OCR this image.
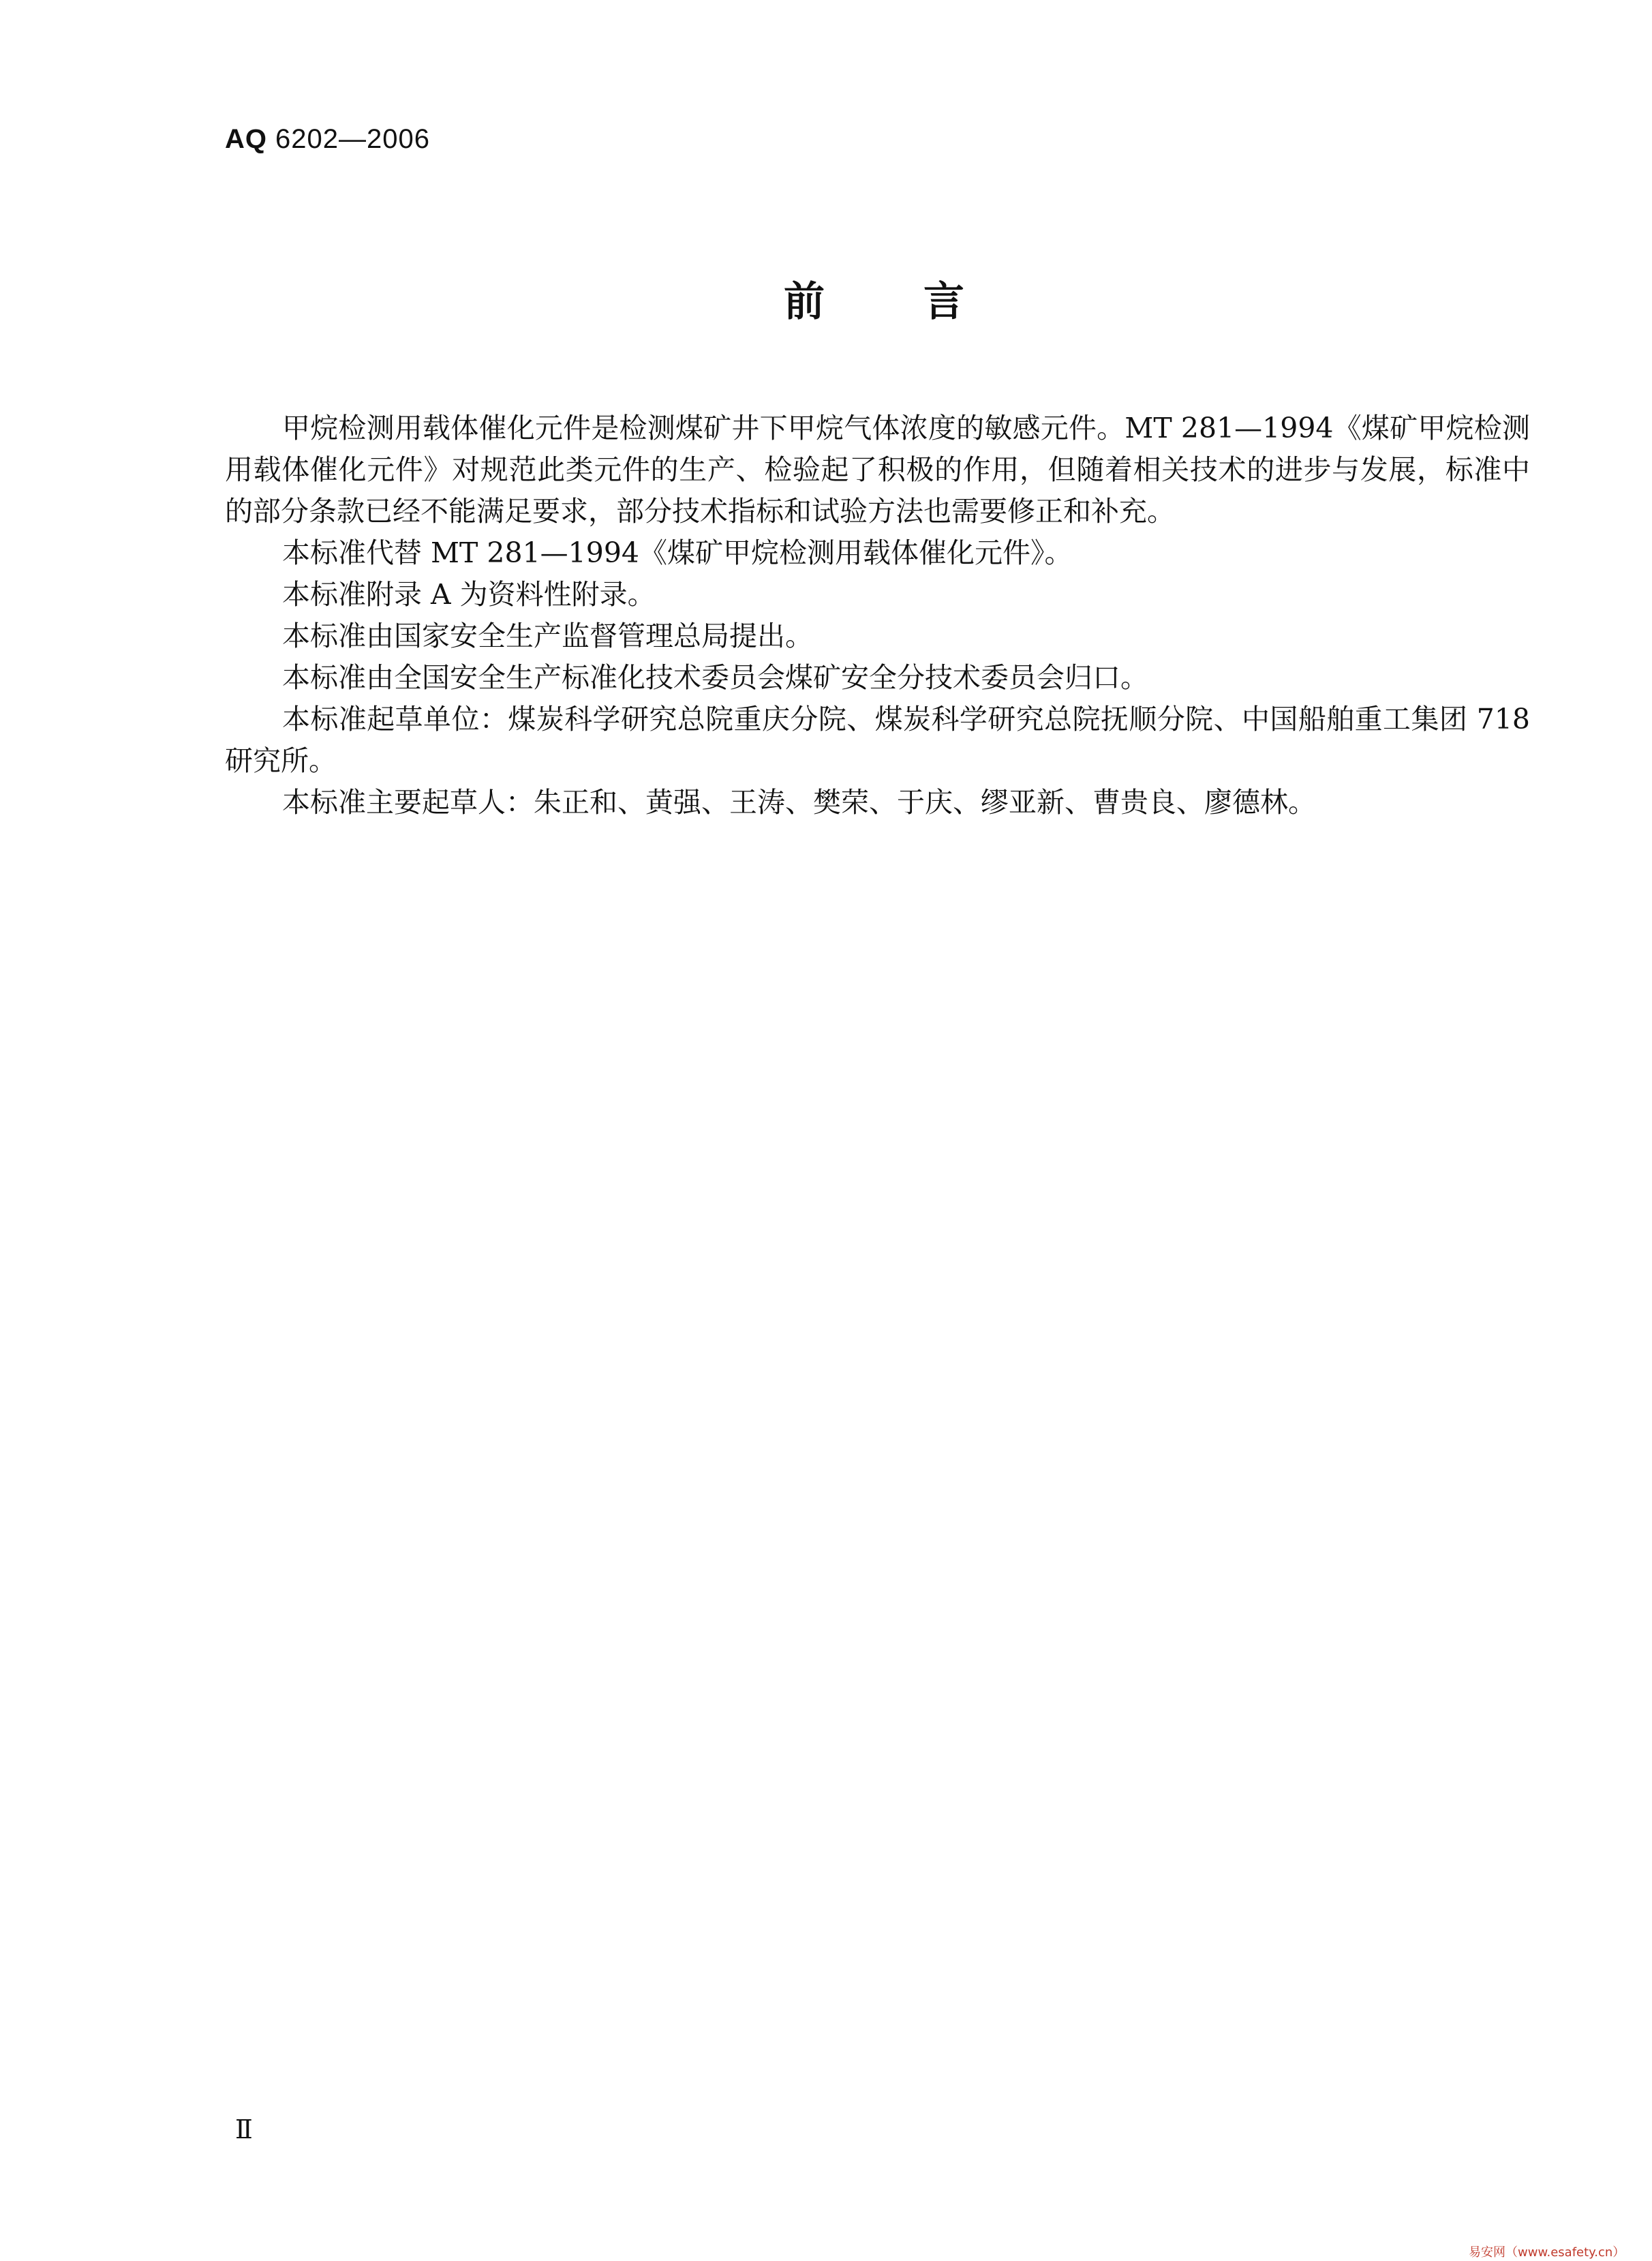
AQ 6202—2006
前言

甲烷检测用载体催化元件是检测煤矿井下甲烷气体浓度的敏感元件。MT 281—1994《煤矿甲烷检测用载体催化元件》对规范此类元件的生产、检验起了积极的作用，但随着相关技术的进步与发展，标准中的部分条款已经不能满足要求，部分技术指标和试验方法也需要修正和补充。

本标准代替 MT 281—1994《煤矿甲烷检测用载体催化元件》。

本标准附录 A 为资料性附录。

本标准由国家安全生产监督管理总局提出。

本标准由全国安全生产标准化技术委员会煤矿安全分技术委员会归口。

本标准起草单位：煤炭科学研究总院重庆分院、煤炭科学研究总院抚顺分院、中国船舶重工集团 718 研究所。

本标准主要起草人：朱正和、黄强、王涛、樊荣、于庆、缪亚新、曹贵良、廖德林。

Ⅱ
易安网（www.esafety.cn）
